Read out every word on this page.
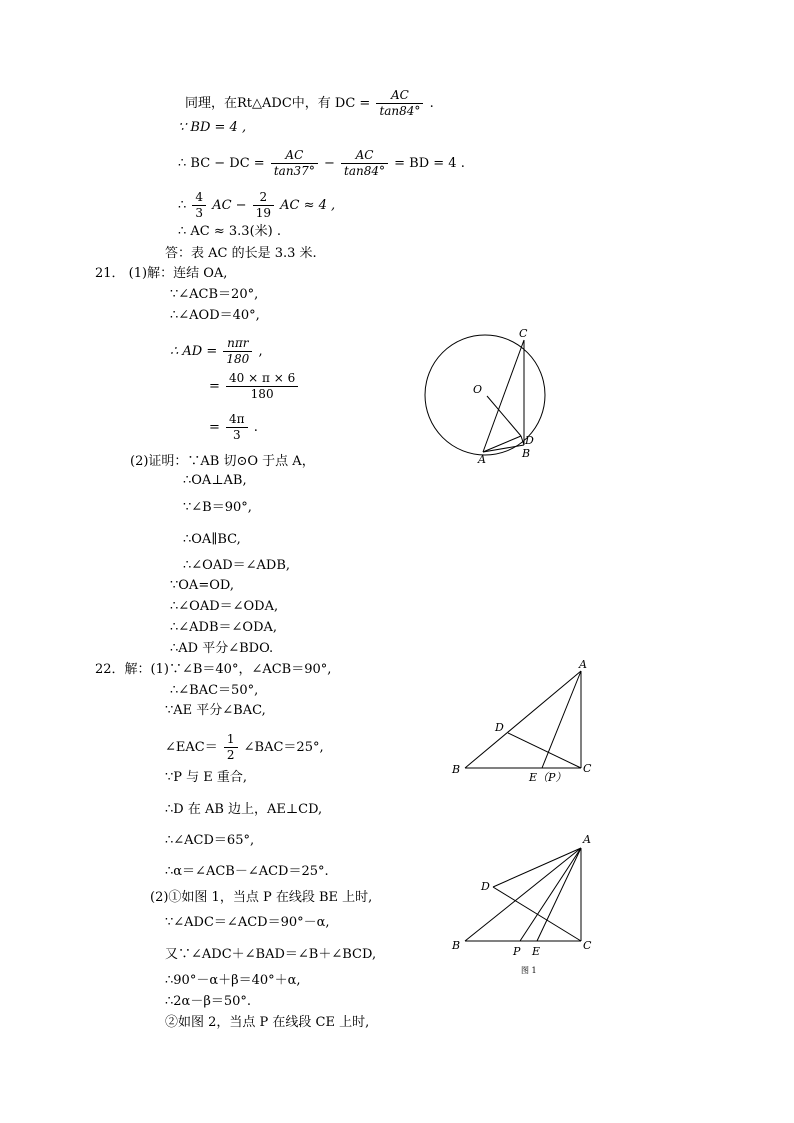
同理，在Rt△ADC中，有 DC = $\frac{AC}{\tan 84^\circ}$ .
∵ BD = 4 ,
∴ BC − DC = $\frac{AC}{\tan 37^\circ} - \frac{AC}{\tan 84^\circ}$ = BD = 4 .
∴ $\frac{4}{3}$ AC − $\frac{2}{19}$ AC ≈ 4 ,
∴ AC ≈ 3.3(米) .
答：表 AC 的长是 3.3 米.
21． (1)解：连结 OA,
∵∠ACB＝20°,
∴∠AOD＝40°,
∴ AD = $\frac{\text{nπr}}{180}$ ,
= $\frac{40 \times \pi \times 6}{180}$
= $\frac{4\pi}{3}$ .
(2)证明：∵AB 切⊙O 于点 A，
∴OA⊥AB,
∵∠B＝90°,
∴OA∥BC,
∴∠OAD＝∠ADB,
∵OA=OD,
∴∠OAD＝∠ODA,
∴∠ADB＝∠ODA,
∴AD 平分∠BDO.
22．解：(1)∵∠B＝40°，∠ACB＝90°,
∴∠BAC＝50°,
∵AE 平分∠BAC,
∠EAC＝ $\frac{1}{2}$ ∠BAC＝25°,
∵P 与 E 重合,
∴D 在 AB 边上，AE⊥CD,
∴∠ACD＝65°,
∴α＝∠ACB－∠ACD＝25°.
(2)①如图 1，当点 P 在线段 BE 上时,
∵∠ADC＝∠ACD＝90°－α,
又∵∠ADC＋∠BAD＝∠B＋∠BCD,
∴90°－α＋β＝40°＋α,
∴2α－β＝50°.
②如图 2，当点 P 在线段 CE 上时,
O
C
D
B
A
A
D
B	C
E（P）
A
D
B	C
P E
图 1
